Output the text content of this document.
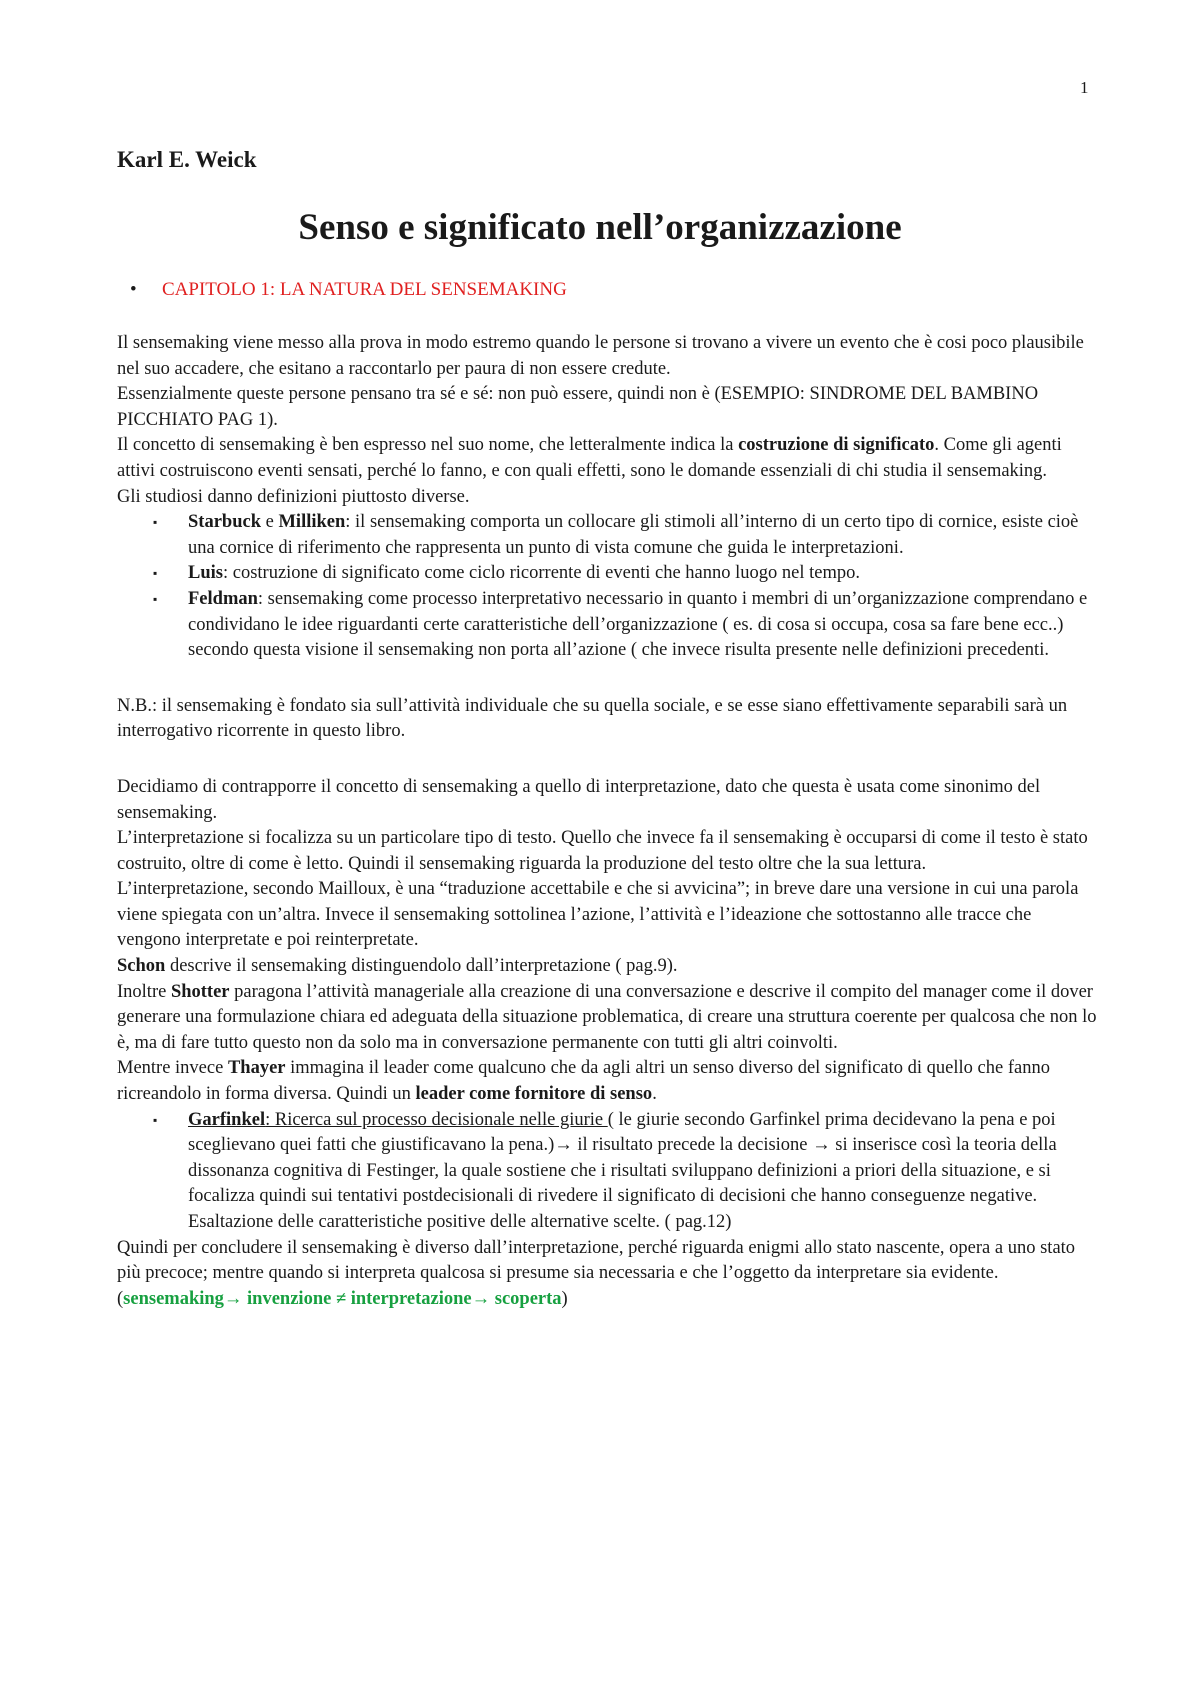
1
Karl E. Weick
Senso e significato nell’organizzazione
• CAPITOLO 1: LA NATURA DEL SENSEMAKING

Il sensemaking viene messo alla prova in modo estremo quando le persone si trovano a vivere un evento che è cosi poco plausibile nel suo accadere, che esitano a raccontarlo per paura di non essere credute.

Essenzialmente queste persone pensano tra sé e sé: non può essere, quindi non è (ESEMPIO: SINDROME DEL BAMBINO PICCHIATO PAG 1).

Il concetto di sensemaking è ben espresso nel suo nome, che letteralmente indica la costruzione di significato. Come gli agenti attivi costruiscono eventi sensati, perché lo fanno, e con quali effetti, sono le domande essenziali di chi studia il sensemaking.

Gli studiosi danno definizioni piuttosto diverse.

▪ Starbuck e Milliken: il sensemaking comporta un collocare gli stimoli all’interno di un certo tipo di cornice, esiste cioè una cornice di riferimento che rappresenta un punto di vista comune che guida le interpretazioni.
▪ Luis: costruzione di significato come ciclo ricorrente di eventi che hanno luogo nel tempo.
▪ Feldman: sensemaking come processo interpretativo necessario in quanto i membri di un’organizzazione comprendano e condividano le idee riguardanti certe caratteristiche dell’organizzazione ( es. di cosa si occupa, cosa sa fare bene ecc..) secondo questa visione il sensemaking non porta all’azione ( che invece risulta presente nelle definizioni precedenti.

N.B.: il sensemaking è fondato sia sull’attività individuale che su quella sociale, e se esse siano effettivamente separabili sarà un interrogativo ricorrente in questo libro.

Decidiamo di contrapporre il concetto di sensemaking a quello di interpretazione, dato che questa è usata come sinonimo del sensemaking.

L’interpretazione si focalizza su un particolare tipo di testo. Quello che invece fa il sensemaking è occuparsi di come il testo è stato costruito, oltre di come è letto. Quindi il sensemaking riguarda la produzione del testo oltre che la sua lettura.

L’interpretazione, secondo Mailloux, è una “traduzione accettabile e che si avvicina”; in breve dare una versione in cui una parola viene spiegata con un’altra. Invece il sensemaking sottolinea l’azione, l’attività e l’ideazione che sottostanno alle tracce che vengono interpretate e poi reinterpretate.

Schon descrive il sensemaking distinguendolo dall’interpretazione ( pag.9).

Inoltre Shotter paragona l’attività manageriale alla creazione di una conversazione e descrive il compito del manager come il dover generare una formulazione chiara ed adeguata della situazione problematica, di creare una struttura coerente per qualcosa che non lo è, ma di fare tutto questo non da solo ma in conversazione permanente con tutti gli altri coinvolti.

Mentre invece Thayer immagina il leader come qualcuno che da agli altri un senso diverso del significato di quello che fanno ricreandolo in forma diversa. Quindi un leader come fornitore di senso.

▪ Garfinkel: Ricerca sul processo decisionale nelle giurie ( le giurie secondo Garfinkel prima decidevano la pena e poi sceglievano quei fatti che giustificavano la pena.)→ il risultato precede la decisione → si inserisce così la teoria della dissonanza cognitiva di Festinger, la quale sostiene che i risultati sviluppano definizioni a priori della situazione, e si focalizza quindi sui tentativi postdecisionali di rivedere il significato di decisioni che hanno conseguenze negative. Esaltazione delle caratteristiche positive delle alternative scelte. ( pag.12)

Quindi per concludere il sensemaking è diverso dall’interpretazione, perché riguarda enigmi allo stato nascente, opera a uno stato più precoce; mentre quando si interpreta qualcosa si presume sia necessaria e che l’oggetto da interpretare sia evidente.

(sensemaking→ invenzione ≠ interpretazione→ scoperta)
